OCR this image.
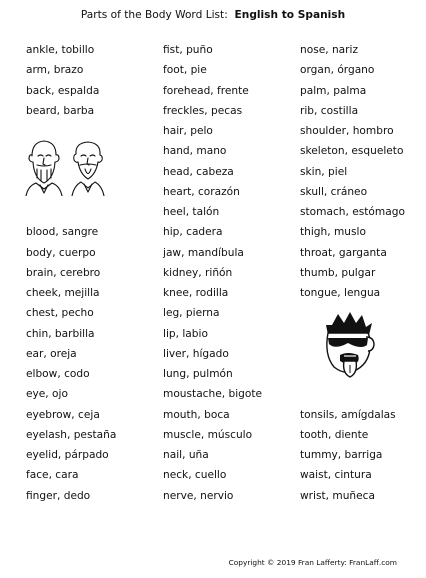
Parts of the Body Word List: English to Spanish
ankle, tobillo
arm, brazo
back, espalda
beard, barba
blood, sangre
body, cuerpo
brain, cerebro
cheek, mejilla
chest, pecho
chin, barbilla
ear, oreja
elbow, codo
eye, ojo
eyebrow, ceja
eyelash, pestaña
eyelid, párpado
face, cara
finger, dedo
fist, puño
foot, pie
forehead, frente
freckles, pecas
hair, pelo
hand, mano
head, cabeza
heart, corazón
heel, talón
hip, cadera
jaw, mandíbula
kidney, riñón
knee, rodilla
leg, pierna
lip, labio
liver, hígado
lung, pulmón
moustache, bigote
mouth, boca
muscle, músculo
nail, uña
neck, cuello
nerve, nervio
nose, nariz
organ, órgano
palm, palma
rib, costilla
shoulder, hombro
skeleton, esqueleto
skin, piel
skull, cráneo
stomach, estómago
thigh, muslo
throat, garganta
thumb, pulgar
tongue, lengua
tonsils, amígdalas
tooth, diente
tummy, barriga
waist, cintura
wrist, muñeca
Copyright © 2019 Fran Lafferty: FranLaff.com
